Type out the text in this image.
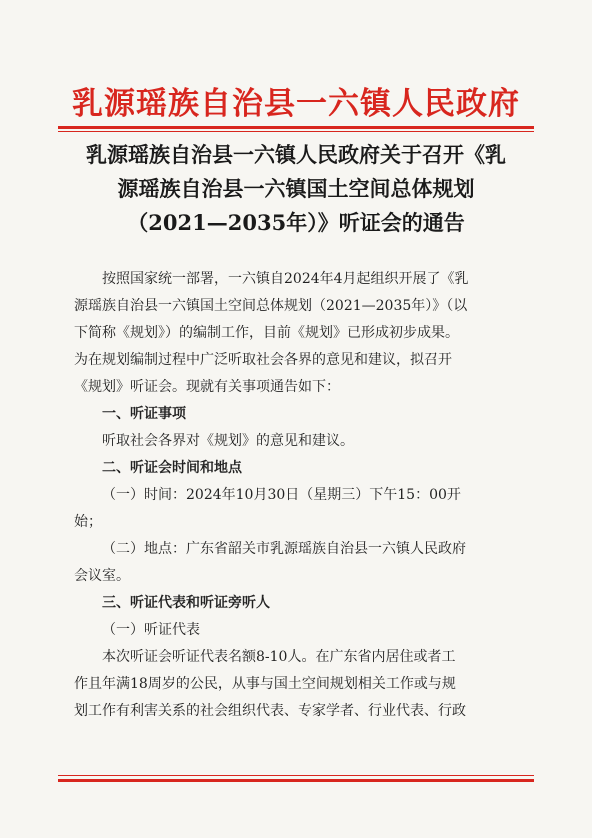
乳源瑶族自治县一六镇人民政府
乳源瑶族自治县一六镇人民政府关于召开《乳
源瑶族自治县一六镇国土空间总体规划
（2021—2035年）》听证会的通告

按照国家统一部署，一六镇自2024年4月起组织开展了《乳

源瑶族自治县一六镇国土空间总体规划（2021—2035年）》（以

下简称《规划》）的编制工作，目前《规划》已形成初步成果。

为在规划编制过程中广泛听取社会各界的意见和建议，拟召开

《规划》听证会。现就有关事项通告如下：

一、听证事项

听取社会各界对《规划》的意见和建议。

二、听证会时间和地点

（一）时间：2024年10月30日（星期三）下午15：00开

始；

（二）地点：广东省韶关市乳源瑶族自治县一六镇人民政府

会议室。

三、听证代表和听证旁听人

（一）听证代表

本次听证会听证代表名额8-10人。在广东省内居住或者工

作且年满18周岁的公民，从事与国土空间规划相关工作或与规

划工作有利害关系的社会组织代表、专家学者、行业代表、行政
